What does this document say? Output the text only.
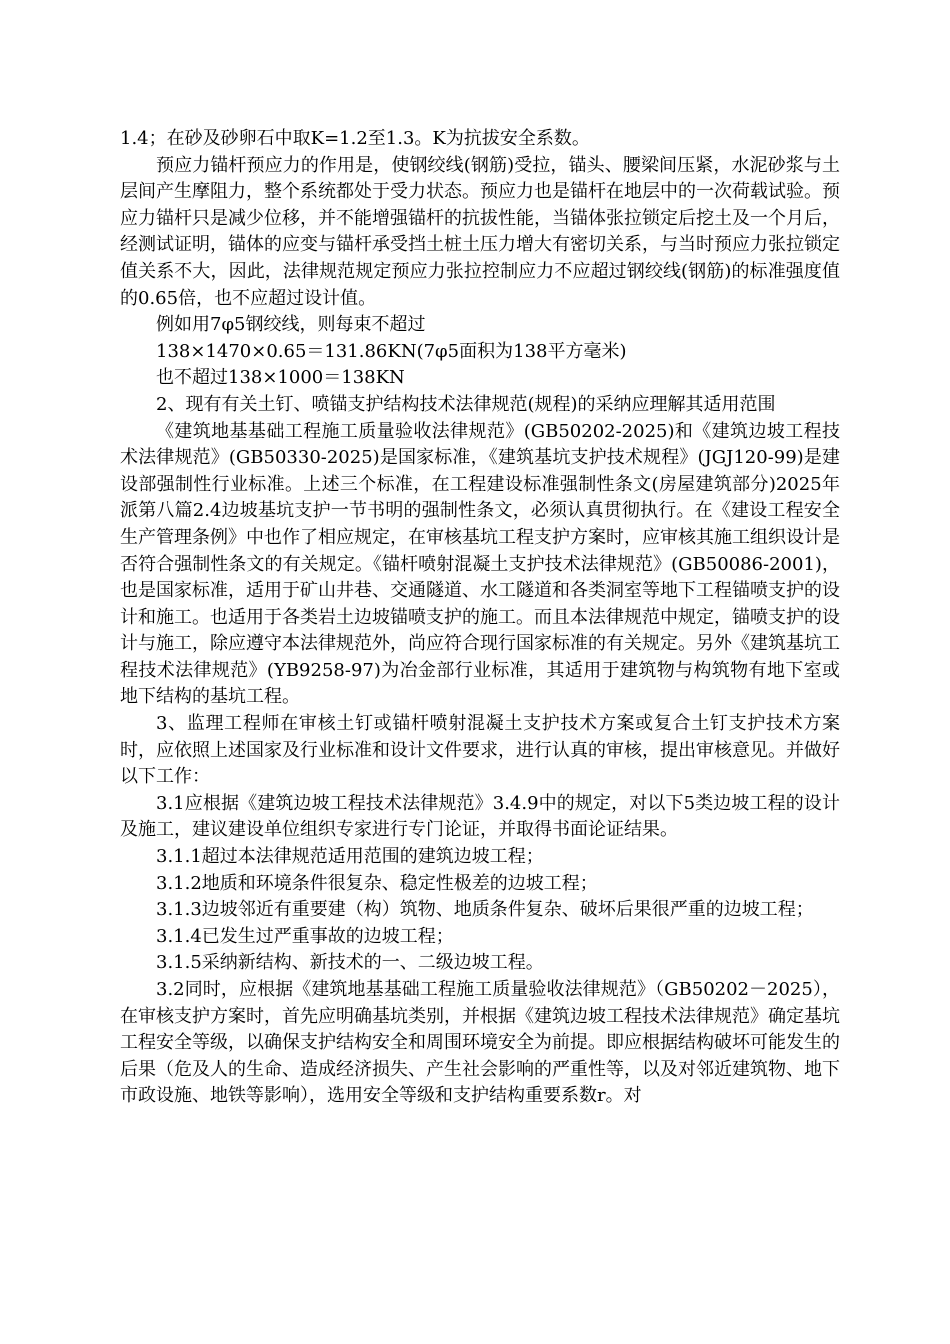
1.4；在砂及砂卵石中取K=1.2至1.3。K为抗拔安全系数。

预应力锚杆预应力的作用是，使钢绞线(钢筋)受拉，锚头、腰梁间压紧，水泥砂浆与土层间产生摩阻力，整个系统都处于受力状态。预应力也是锚杆在地层中的一次荷载试验。预应力锚杆只是减少位移，并不能增强锚杆的抗拔性能，当锚体张拉锁定后挖土及一个月后，经测试证明，锚体的应变与锚杆承受挡土桩土压力增大有密切关系，与当时预应力张拉锁定值关系不大，因此，法律规范规定预应力张拉控制应力不应超过钢绞线(钢筋)的标准强度值的0.65倍，也不应超过设计值。

例如用7φ5钢绞线，则每束不超过

138×1470×0.65＝131.86KN(7φ5面积为138平方毫米)

也不超过138×1000＝138KN

2、现有有关土钉、喷锚支护结构技术法律规范(规程)的采纳应理解其适用范围

《建筑地基基础工程施工质量验收法律规范》(GB50202-2025)和《建筑边坡工程技术法律规范》(GB50330-2025)是国家标准，《建筑基坑支护技术规程》(JGJ120-99)是建设部强制性行业标准。上述三个标准，在工程建设标准强制性条文(房屋建筑部分)2025年派第八篇2.4边坡基坑支护一节书明的强制性条文，必须认真贯彻执行。在《建设工程安全生产管理条例》中也作了相应规定，在审核基坑工程支护方案时，应审核其施工组织设计是否符合强制性条文的有关规定。《锚杆喷射混凝土支护技术法律规范》(GB50086-2001)，也是国家标准，适用于矿山井巷、交通隧道、水工隧道和各类洞室等地下工程锚喷支护的设计和施工。也适用于各类岩土边坡锚喷支护的施工。而且本法律规范中规定，锚喷支护的设计与施工，除应遵守本法律规范外，尚应符合现行国家标准的有关规定。另外《建筑基坑工程技术法律规范》(YB9258-97)为冶金部行业标准，其适用于建筑物与构筑物有地下室或地下结构的基坑工程。

3、监理工程师在审核土钉或锚杆喷射混凝土支护技术方案或复合土钉支护技术方案时，应依照上述国家及行业标准和设计文件要求，进行认真的审核，提出审核意见。并做好以下工作：

3.1应根据《建筑边坡工程技术法律规范》3.4.9中的规定，对以下5类边坡工程的设计及施工，建议建设单位组织专家进行专门论证，并取得书面论证结果。

3.1.1超过本法律规范适用范围的建筑边坡工程；

3.1.2地质和环境条件很复杂、稳定性极差的边坡工程；

3.1.3边坡邻近有重要建（构）筑物、地质条件复杂、破坏后果很严重的边坡工程；

3.1.4已发生过严重事故的边坡工程；

3.1.5采纳新结构、新技术的一、二级边坡工程。

3.2同时，应根据《建筑地基基础工程施工质量验收法律规范》（GB50202－2025），在审核支护方案时，首先应明确基坑类别，并根据《建筑边坡工程技术法律规范》确定基坑工程安全等级，以确保支护结构安全和周围环境安全为前提。即应根据结构破坏可能发生的后果（危及人的生命、造成经济损失、产生社会影响的严重性等，以及对邻近建筑物、地下市政设施、地铁等影响），选用安全等级和支护结构重要系数r。对
